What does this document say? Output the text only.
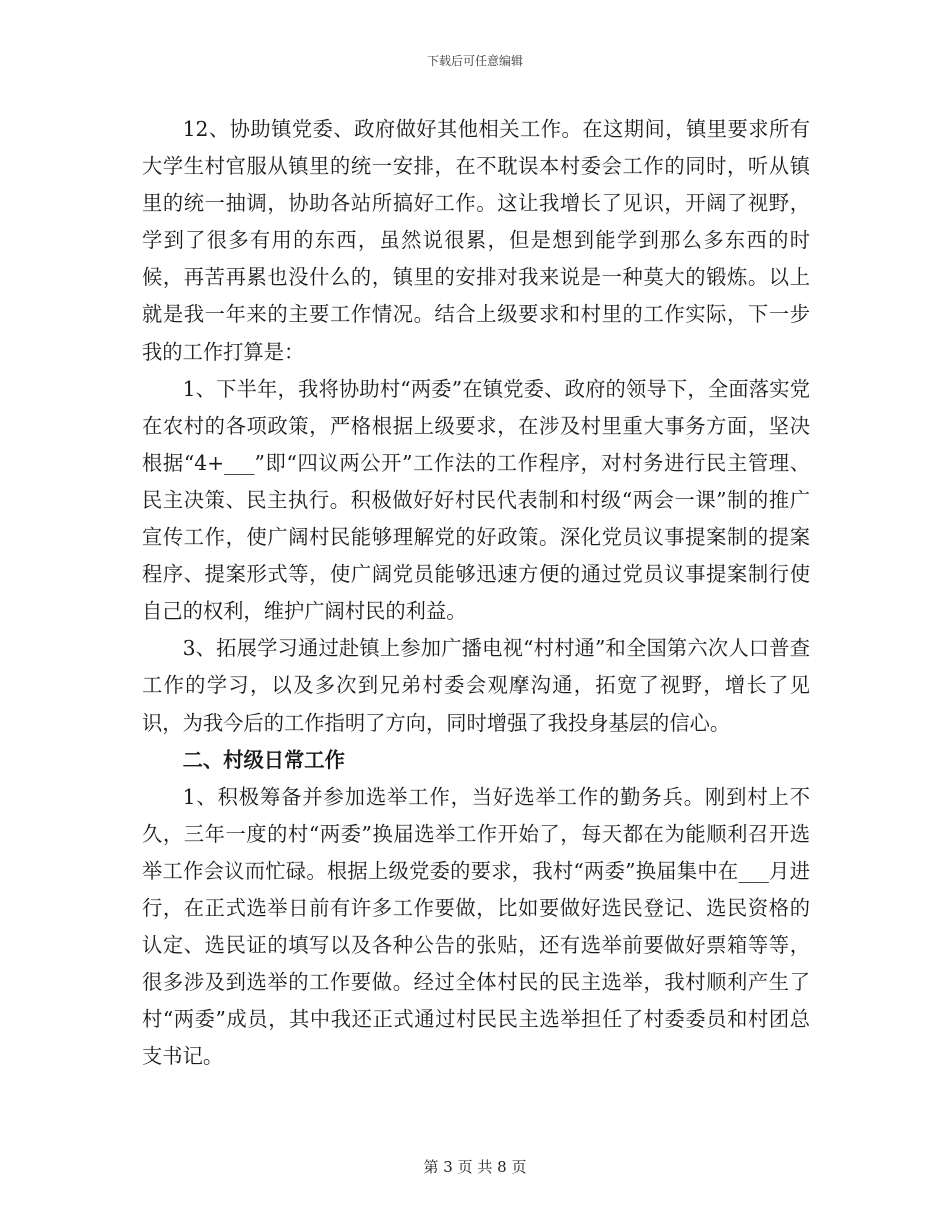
下载后可任意编辑

12、协助镇党委、政府做好其他相关工作。在这期间，镇里要求所有大学生村官服从镇里的统一安排，在不耽误本村委会工作的同时，听从镇里的统一抽调，协助各站所搞好工作。这让我增长了见识，开阔了视野，学到了很多有用的东西，虽然说很累，但是想到能学到那么多东西的时候，再苦再累也没什么的，镇里的安排对我来说是一种莫大的锻炼。以上就是我一年来的主要工作情况。结合上级要求和村里的工作实际，下一步我的工作打算是：

1、下半年，我将协助村“两委”在镇党委、政府的领导下，全面落实党在农村的各项政策，严格根据上级要求，在涉及村里重大事务方面，坚决根据“4+___”即“四议两公开”工作法的工作程序，对村务进行民主管理、民主决策、民主执行。积极做好好村民代表制和村级“两会一课”制的推广宣传工作，使广阔村民能够理解党的好政策。深化党员议事提案制的提案程序、提案形式等，使广阔党员能够迅速方便的通过党员议事提案制行使自己的权利，维护广阔村民的利益。

3、拓展学习通过赴镇上参加广播电视“村村通”和全国第六次人口普查工作的学习，以及多次到兄弟村委会观摩沟通，拓宽了视野，增长了见识，为我今后的工作指明了方向，同时增强了我投身基层的信心。

二、村级日常工作

1、积极筹备并参加选举工作，当好选举工作的勤务兵。刚到村上不久，三年一度的村“两委”换届选举工作开始了，每天都在为能顺利召开选举工作会议而忙碌。根据上级党委的要求，我村“两委”换届集中在___月进行，在正式选举日前有许多工作要做，比如要做好选民登记、选民资格的认定、选民证的填写以及各种公告的张贴，还有选举前要做好票箱等等，很多涉及到选举的工作要做。经过全体村民的民主选举，我村顺利产生了村“两委”成员，其中我还正式通过村民民主选举担任了村委委员和村团总支书记。

第 3 页 共 8 页
